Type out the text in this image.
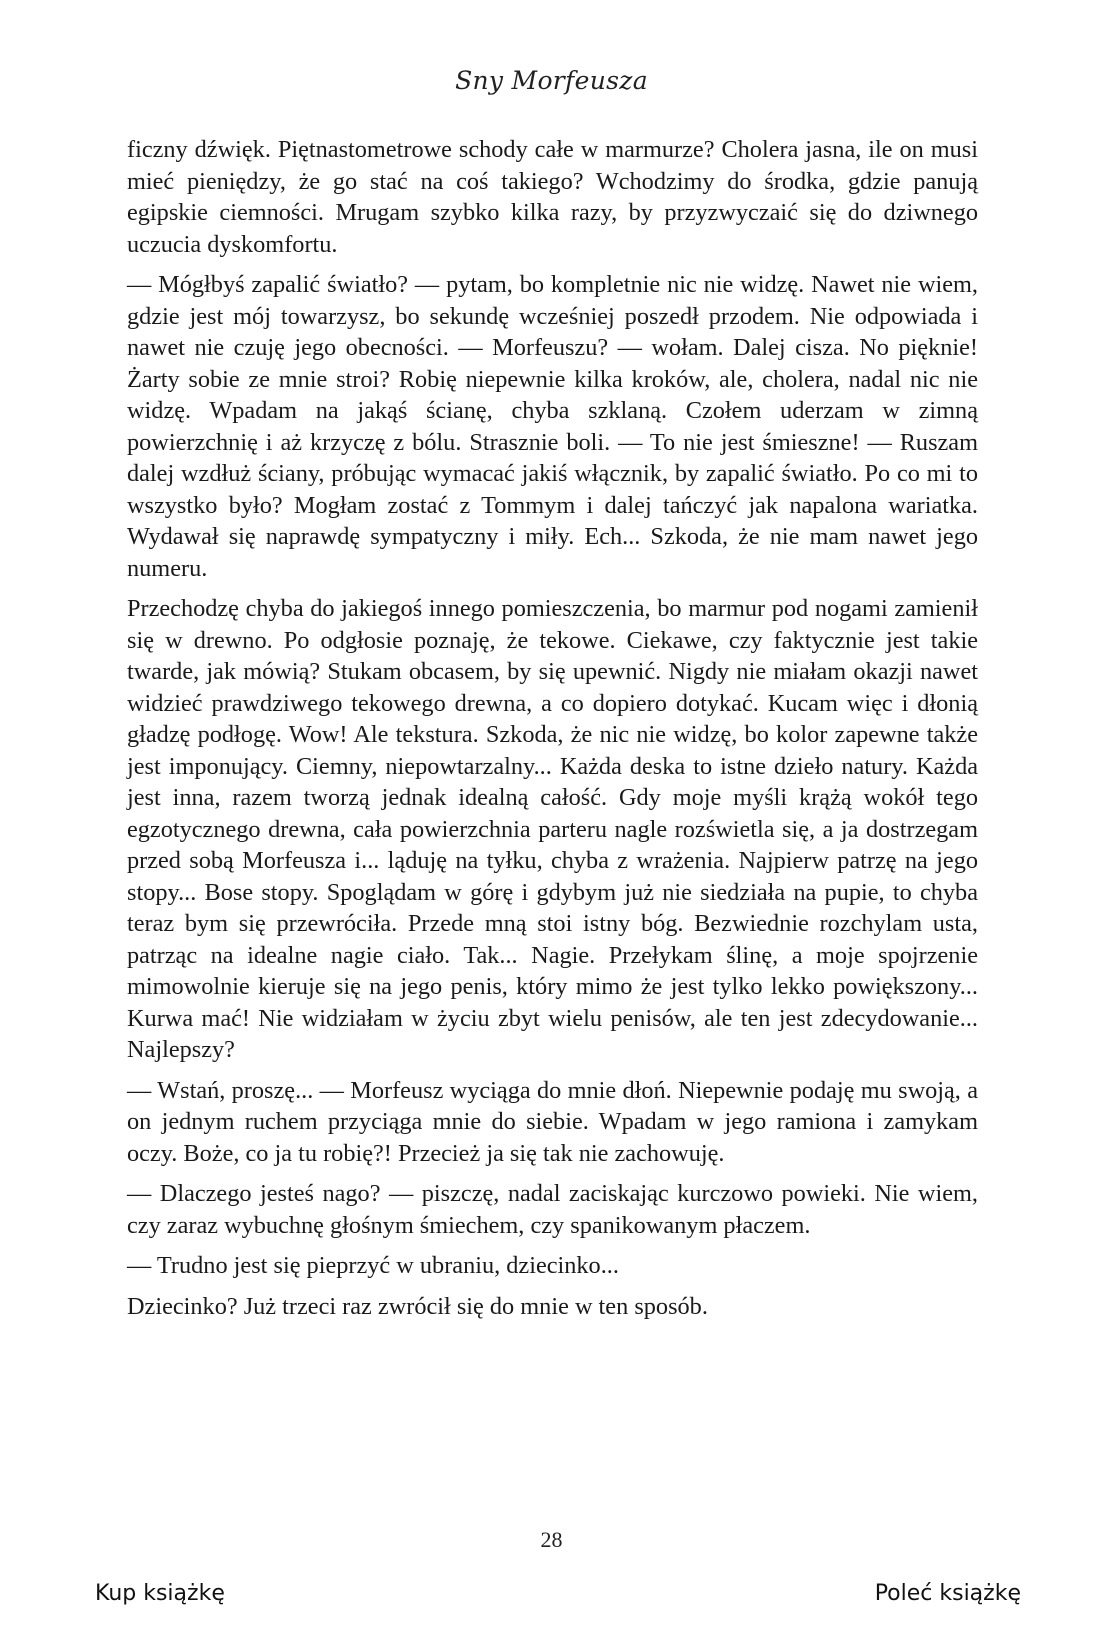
Sny Morfeusza

ficzny dźwięk. Piętnastometrowe schody całe w marmurze? Cholera jasna, ile on musi mieć pieniędzy, że go stać na coś takiego? Wchodzimy do środka, gdzie panują egipskie ciemności. Mrugam szybko kilka razy, by przyzwyczaić się do dziwnego uczucia dyskomfortu.

— Mógłbyś zapalić światło? — pytam, bo kompletnie nic nie widzę. Nawet nie wiem, gdzie jest mój towarzysz, bo sekundę wcześniej poszedł przodem. Nie odpowiada i nawet nie czuję jego obecności. — Morfeuszu? — wołam. Dalej cisza. No pięknie! Żarty sobie ze mnie stroi? Robię niepewnie kilka kroków, ale, cholera, nadal nic nie widzę. Wpadam na jakąś ścianę, chyba szklaną. Czołem uderzam w zimną powierzchnię i aż krzyczę z bólu. Strasznie boli. — To nie jest śmieszne! — Ruszam dalej wzdłuż ściany, próbując wymacać jakiś włącznik, by zapalić światło. Po co mi to wszystko było? Mogłam zostać z Tommym i dalej tańczyć jak napalona wariatka. Wydawał się naprawdę sympatyczny i miły. Ech... Szkoda, że nie mam nawet jego numeru.

Przechodzę chyba do jakiegoś innego pomieszczenia, bo marmur pod nogami zamienił się w drewno. Po odgłosie poznaję, że tekowe. Ciekawe, czy faktycznie jest takie twarde, jak mówią? Stukam obcasem, by się upewnić. Nigdy nie miałam okazji nawet widzieć prawdziwego tekowego drewna, a co dopiero dotykać. Kucam więc i dłonią gładzę podłogę. Wow! Ale tekstura. Szkoda, że nic nie widzę, bo kolor zapewne także jest imponujący. Ciemny, niepowtarzalny... Każda deska to istne dzieło natury. Każda jest inna, razem tworzą jednak idealną całość. Gdy moje myśli krążą wokół tego egzotycznego drewna, cała powierzchnia parteru nagle rozświetla się, a ja dostrzegam przed sobą Morfeusza i... ląduję na tyłku, chyba z wrażenia. Najpierw patrzę na jego stopy... Bose stopy. Spoglądam w górę i gdybym już nie siedziała na pupie, to chyba teraz bym się przewróciła. Przede mną stoi istny bóg. Bezwiednie rozchylam usta, patrząc na idealne nagie ciało. Tak... Nagie. Przełykam ślinę, a moje spojrzenie mimowolnie kieruje się na jego penis, który mimo że jest tylko lekko powiększony... Kurwa mać! Nie widziałam w życiu zbyt wielu penisów, ale ten jest zdecydowanie... Najlepszy?

— Wstań, proszę... — Morfeusz wyciąga do mnie dłoń. Niepewnie podaję mu swoją, a on jednym ruchem przyciąga mnie do siebie. Wpadam w jego ramiona i zamykam oczy. Boże, co ja tu robię?! Przecież ja się tak nie zachowuję.

— Dlaczego jesteś nago? — piszczę, nadal zaciskając kurczowo powieki. Nie wiem, czy zaraz wybuchnę głośnym śmiechem, czy spanikowanym płaczem.

— Trudno jest się pieprzyć w ubraniu, dziecinko...

Dziecinko? Już trzeci raz zwrócił się do mnie w ten sposób.

28
Kup książkę	Poleć książkę
